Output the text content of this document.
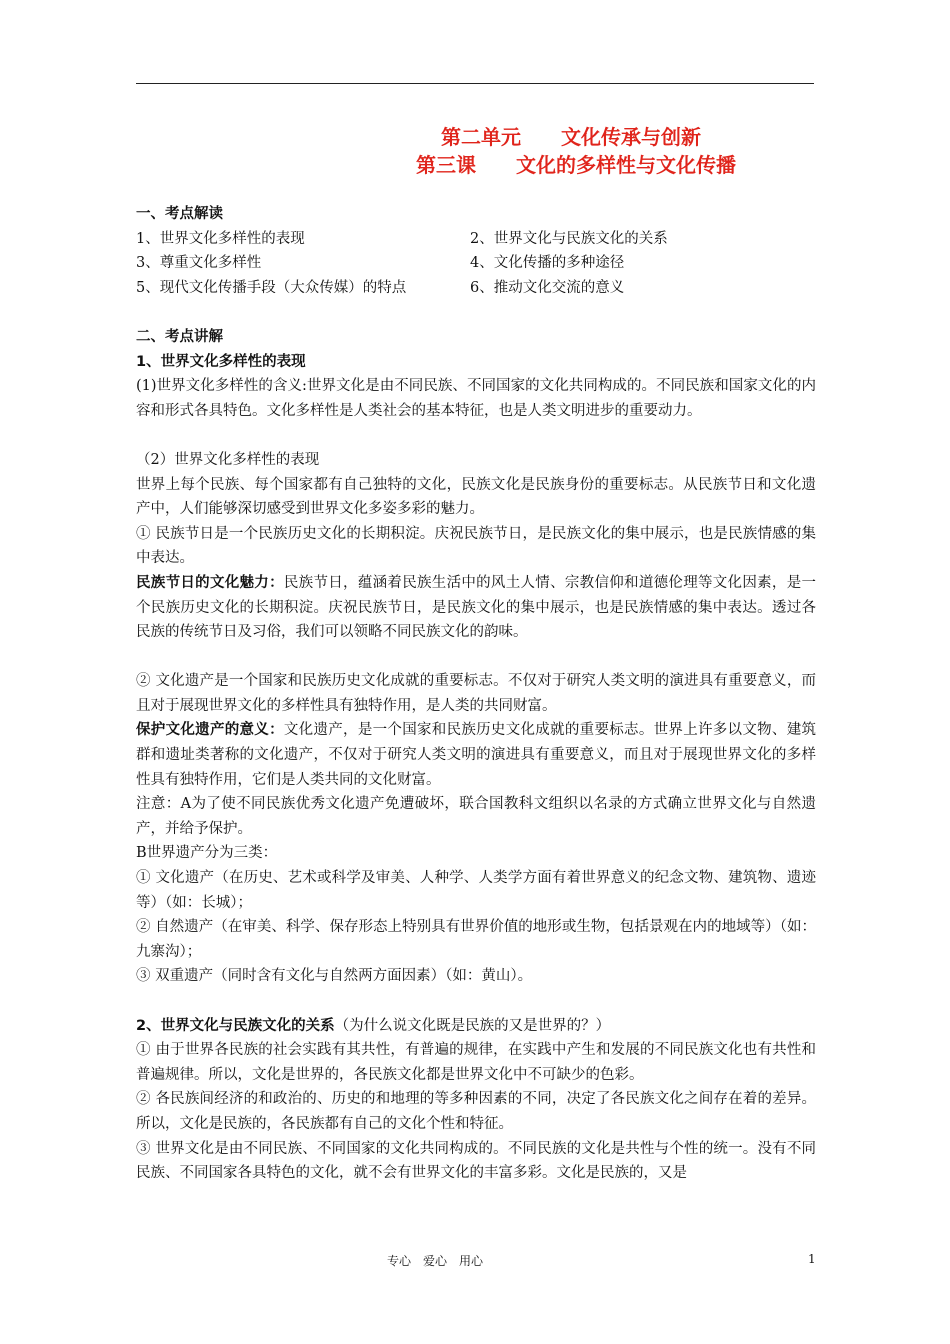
第二单元　　文化传承与创新
第三课　　文化的多样性与文化传播

一、考点解读

1、世界文化多样性的表现	2、世界文化与民族文化的关系
3、尊重文化多样性	4、文化传播的多种途径
5、现代文化传播手段（大众传媒）的特点	6、推动文化交流的意义

二、考点讲解

1、世界文化多样性的表现

(1)世界文化多样性的含义:世界文化是由不同民族、不同国家的文化共同构成的。不同民族和国家文化的内容和形式各具特色。文化多样性是人类社会的基本特征，也是人类文明进步的重要动力。

（2）世界文化多样性的表现

世界上每个民族、每个国家都有自己独特的文化，民族文化是民族身份的重要标志。从民族节日和文化遗产中，人们能够深切感受到世界文化多姿多彩的魅力。

① 民族节日是一个民族历史文化的长期积淀。庆祝民族节日，是民族文化的集中展示，也是民族情感的集中表达。

民族节日的文化魅力：民族节日，蕴涵着民族生活中的风土人情、宗教信仰和道德伦理等文化因素，是一个民族历史文化的长期积淀。庆祝民族节日，是民族文化的集中展示，也是民族情感的集中表达。透过各民族的传统节日及习俗，我们可以领略不同民族文化的韵味。

② 文化遗产是一个国家和民族历史文化成就的重要标志。不仅对于研究人类文明的演进具有重要意义，而且对于展现世界文化的多样性具有独特作用，是人类的共同财富。

保护文化遗产的意义：文化遗产，是一个国家和民族历史文化成就的重要标志。世界上许多以文物、建筑群和遗址类著称的文化遗产，不仅对于研究人类文明的演进具有重要意义，而且对于展现世界文化的多样性具有独特作用，它们是人类共同的文化财富。

注意：A为了使不同民族优秀文化遗产免遭破坏，联合国教科文组织以名录的方式确立世界文化与自然遗产，并给予保护。

B世界遗产分为三类：

① 文化遗产（在历史、艺术或科学及审美、人种学、人类学方面有着世界意义的纪念文物、建筑物、遗迹等）（如：长城）；

② 自然遗产（在审美、科学、保存形态上特别具有世界价值的地形或生物，包括景观在内的地域等）（如：九寨沟）；

③ 双重遗产（同时含有文化与自然两方面因素）（如：黄山）。

2、世界文化与民族文化的关系（为什么说文化既是民族的又是世界的？）

① 由于世界各民族的社会实践有其共性，有普遍的规律，在实践中产生和发展的不同民族文化也有共性和普遍规律。所以，文化是世界的，各民族文化都是世界文化中不可缺少的色彩。

② 各民族间经济的和政治的、历史的和地理的等多种因素的不同，决定了各民族文化之间存在着的差异。所以，文化是民族的，各民族都有自己的文化个性和特征。

③ 世界文化是由不同民族、不同国家的文化共同构成的。不同民族的文化是共性与个性的统一。没有不同民族、不同国家各具特色的文化，就不会有世界文化的丰富多彩。文化是民族的，又是

专心　爱心　用心	1
